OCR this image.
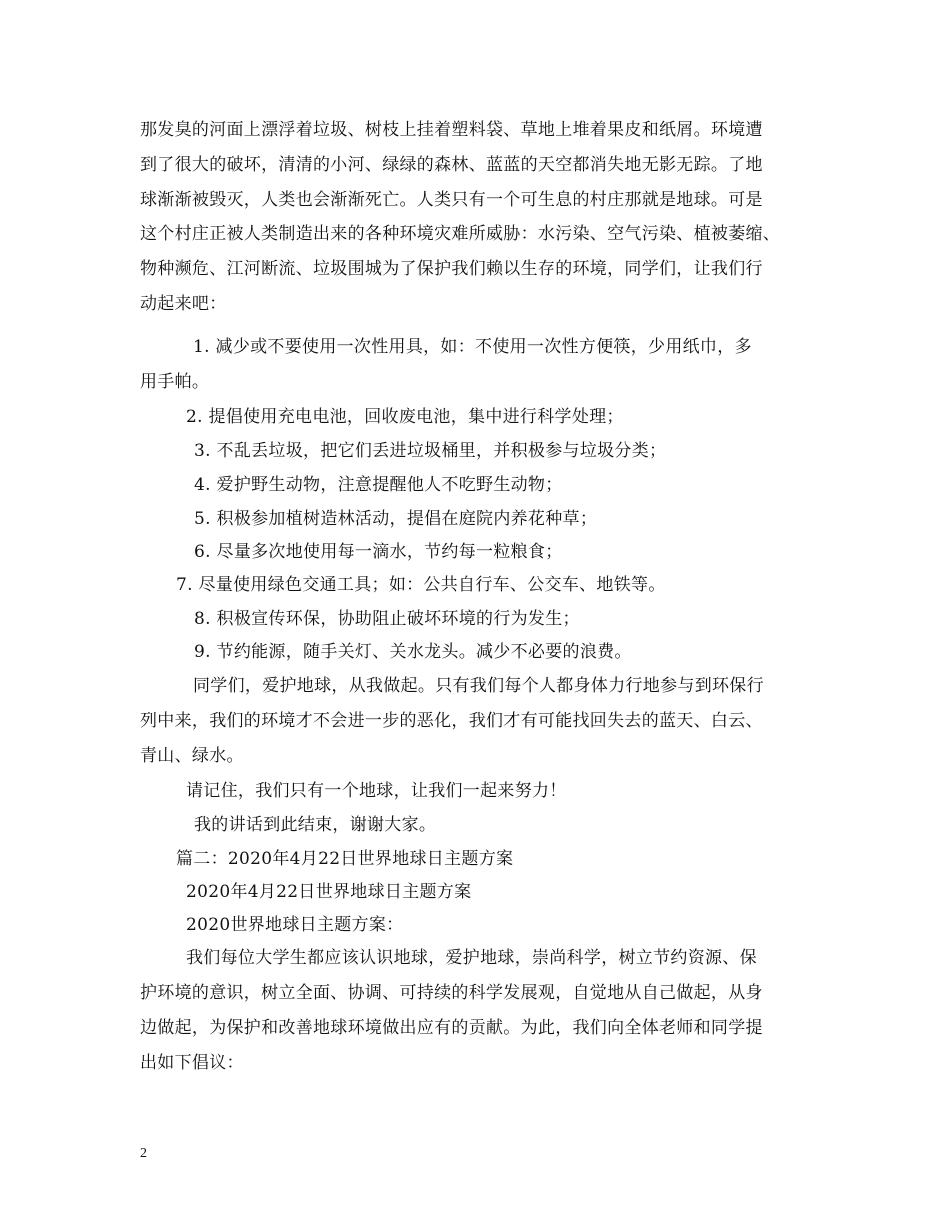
那发臭的河面上漂浮着垃圾、树枝上挂着塑料袋、草地上堆着果皮和纸屑。环境遭

到了很大的破坏，清清的小河、绿绿的森林、蓝蓝的天空都消失地无影无踪。了地

球渐渐被毁灭，人类也会渐渐死亡。人类只有一个可生息的村庄那就是地球。可是

这个村庄正被人类制造出来的各种环境灾难所威胁：水污染、空气污染、植被萎缩、

物种濒危、江河断流、垃圾围城为了保护我们赖以生存的环境，同学们，让我们行

动起来吧：

1. 减少或不要使用一次性用具，如：不使用一次性方便筷，少用纸巾，多

用手帕。

2. 提倡使用充电电池，回收废电池，集中进行科学处理；

3. 不乱丢垃圾，把它们丢进垃圾桶里，并积极参与垃圾分类；

4. 爱护野生动物，注意提醒他人不吃野生动物；

5. 积极参加植树造林活动，提倡在庭院内养花种草；

6. 尽量多次地使用每一滴水，节约每一粒粮食；

7. 尽量使用绿色交通工具；如：公共自行车、公交车、地铁等。

8. 积极宣传环保，协助阻止破坏环境的行为发生；

9. 节约能源，随手关灯、关水龙头。减少不必要的浪费。

同学们，爱护地球，从我做起。只有我们每个人都身体力行地参与到环保行

列中来，我们的环境才不会进一步的恶化，我们才有可能找回失去的蓝天、白云、

青山、绿水。

请记住，我们只有一个地球，让我们一起来努力！

我的讲话到此结束，谢谢大家。

篇二：2020年4月22日世界地球日主题方案

2020年4月22日世界地球日主题方案

2020世界地球日主题方案：

我们每位大学生都应该认识地球，爱护地球，崇尚科学，树立节约资源、保

护环境的意识，树立全面、协调、可持续的科学发展观，自觉地从自己做起，从身

边做起，为保护和改善地球环境做出应有的贡献。为此，我们向全体老师和同学提

出如下倡议：

2
